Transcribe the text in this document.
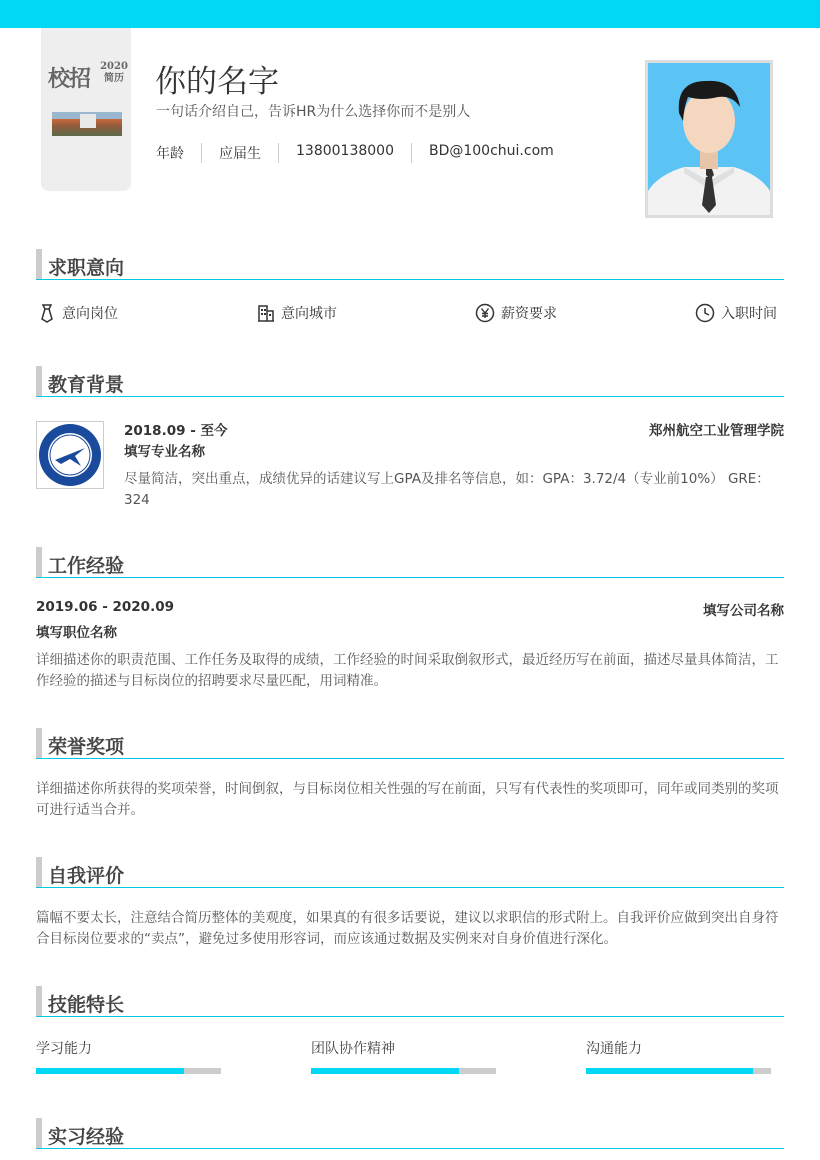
校招 2020
简历 你的名字
一句话介绍自己，告诉HR为什么选择你而不是别人
年龄	应届生	13800138000	BD@100chui.com
求职意向
意向岗位	意向城市	薪资要求	入职时间
教育背景
2018.09 - 至今	郑州航空工业管理学院
填写专业名称
尽量简洁，突出重点，成绩优异的话建议写上GPA及排名等信息，如：GPA：3.72/4（专业前10%） GRE：324
工作经验
2019.06 - 2020.09	填写公司名称
填写职位名称
详细描述你的职责范围、工作任务及取得的成绩，工作经验的时间采取倒叙形式，最近经历写在前面，描述尽量具体简洁，工作经验的描述与目标岗位的招聘要求尽量匹配，用词精准。
荣誉奖项
详细描述你所获得的奖项荣誉，时间倒叙，与目标岗位相关性强的写在前面，只写有代表性的奖项即可，同年或同类别的奖项可进行适当合并。
自我评价
篇幅不要太长，注意结合简历整体的美观度，如果真的有很多话要说，建议以求职信的形式附上。自我评价应做到突出自身符合目标岗位要求的“卖点”，避免过多使用形容词，而应该通过数据及实例来对自身价值进行深化。
技能特长
学习能力	团队协作精神	沟通能力
实习经验
